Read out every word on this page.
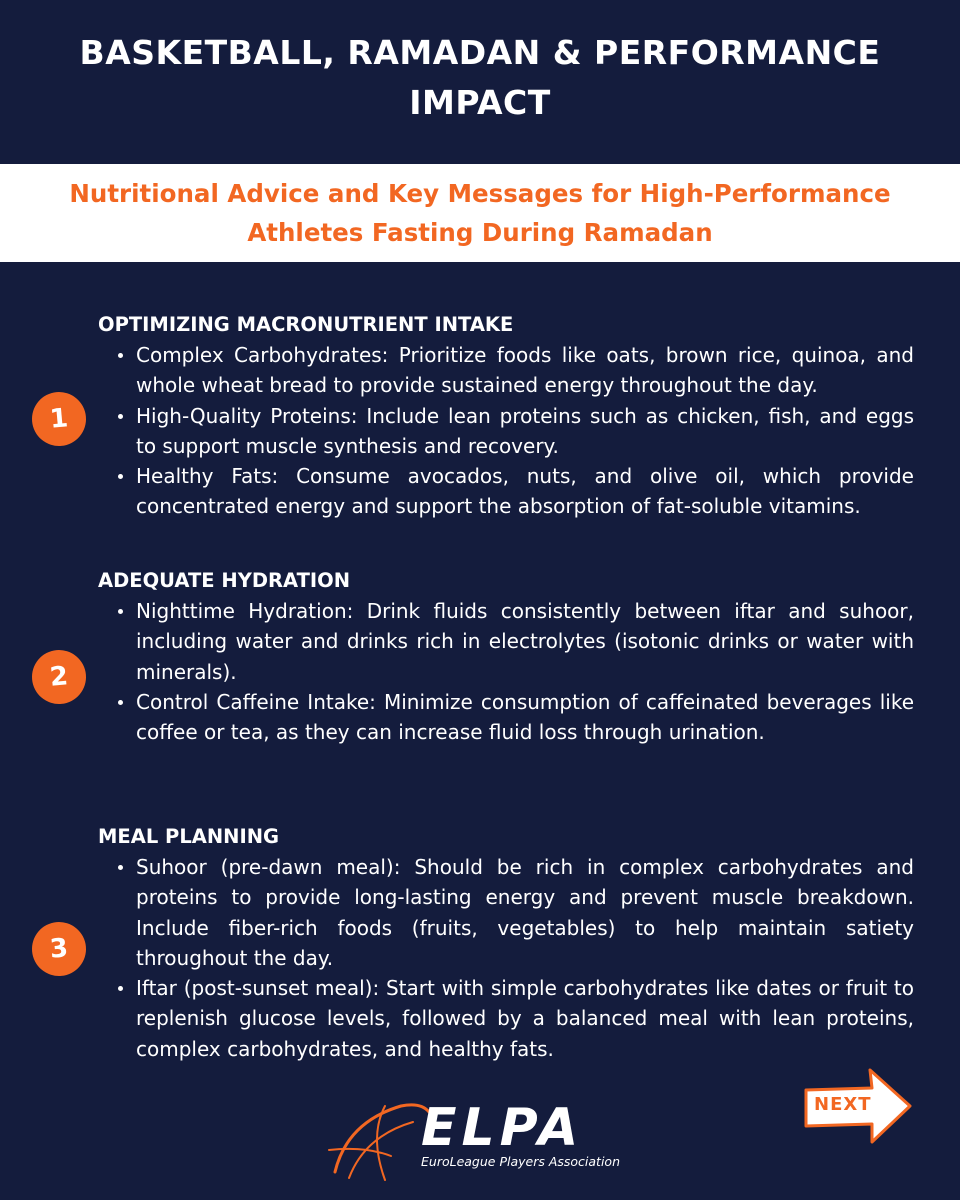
BASKETBALL, RAMADAN & PERFORMANCE IMPACT
Nutritional Advice and Key Messages for High-Performance Athletes Fasting During Ramadan
1
OPTIMIZING MACRONUTRIENT INTAKE
Complex Carbohydrates: Prioritize foods like oats, brown rice, quinoa, and whole wheat bread to provide sustained energy throughout the day.
High-Quality Proteins: Include lean proteins such as chicken, fish, and eggs to support muscle synthesis and recovery.
Healthy Fats: Consume avocados, nuts, and olive oil, which provide concentrated energy and support the absorption of fat-soluble vitamins.
2
ADEQUATE HYDRATION
Nighttime Hydration: Drink fluids consistently between iftar and suhoor, including water and drinks rich in electrolytes (isotonic drinks or water with minerals).
Control Caffeine Intake: Minimize consumption of caffeinated beverages like coffee or tea, as they can increase fluid loss through urination.
3
MEAL PLANNING
Suhoor (pre-dawn meal): Should be rich in complex carbohydrates and proteins to provide long-lasting energy and prevent muscle breakdown. Include fiber-rich foods (fruits, vegetables) to help maintain satiety throughout the day.
Iftar (post-sunset meal): Start with simple carbohydrates like dates or fruit to replenish glucose levels, followed by a balanced meal with lean proteins, complex carbohydrates, and healthy fats.
ELPA
EuroLeague Players Association
NEXT
